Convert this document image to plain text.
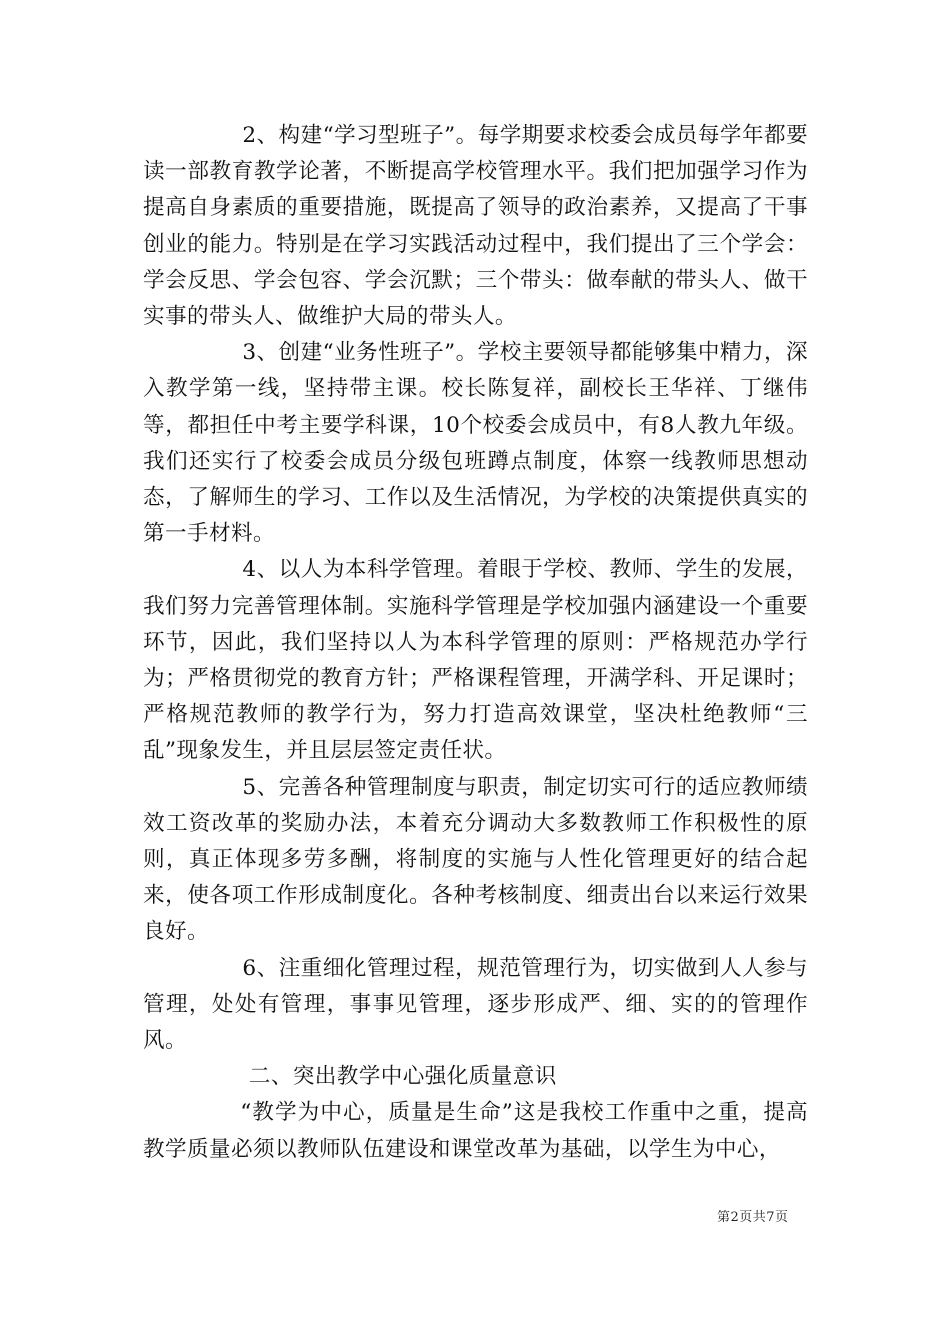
2、构建“学习型班子”。每学期要求校委会成员每学年都要读一部教育教学论著，不断提高学校管理水平。我们把加强学习作为提高自身素质的重要措施，既提高了领导的政治素养，又提高了干事创业的能力。特别是在学习实践活动过程中，我们提出了三个学会：学会反思、学会包容、学会沉默；三个带头：做奉献的带头人、做干实事的带头人、做维护大局的带头人。

3、创建“业务性班子”。学校主要领导都能够集中精力，深入教学第一线，坚持带主课。校长陈复祥，副校长王华祥、丁继伟等，都担任中考主要学科课，10个校委会成员中，有8人教九年级。我们还实行了校委会成员分级包班蹲点制度，体察一线教师思想动态，了解师生的学习、工作以及生活情况，为学校的决策提供真实的第一手材料。

4、以人为本科学管理。着眼于学校、教师、学生的发展，我们努力完善管理体制。实施科学管理是学校加强内涵建设一个重要环节，因此，我们坚持以人为本科学管理的原则：严格规范办学行为；严格贯彻党的教育方针；严格课程管理，开满学科、开足课时；严格规范教师的教学行为，努力打造高效课堂，坚决杜绝教师“三乱”现象发生，并且层层签定责任状。

5、完善各种管理制度与职责，制定切实可行的适应教师绩效工资改革的奖励办法，本着充分调动大多数教师工作积极性的原则，真正体现多劳多酬，将制度的实施与人性化管理更好的结合起来，使各项工作形成制度化。各种考核制度、细责出台以来运行效果良好。

6、注重细化管理过程，规范管理行为，切实做到人人参与管理，处处有管理，事事见管理，逐步形成严、细、实的的管理作风。

二、突出教学中心强化质量意识

“教学为中心，质量是生命”这是我校工作重中之重，提高教学质量必须以教师队伍建设和课堂改革为基础，以学生为中心，

第2页共7页
